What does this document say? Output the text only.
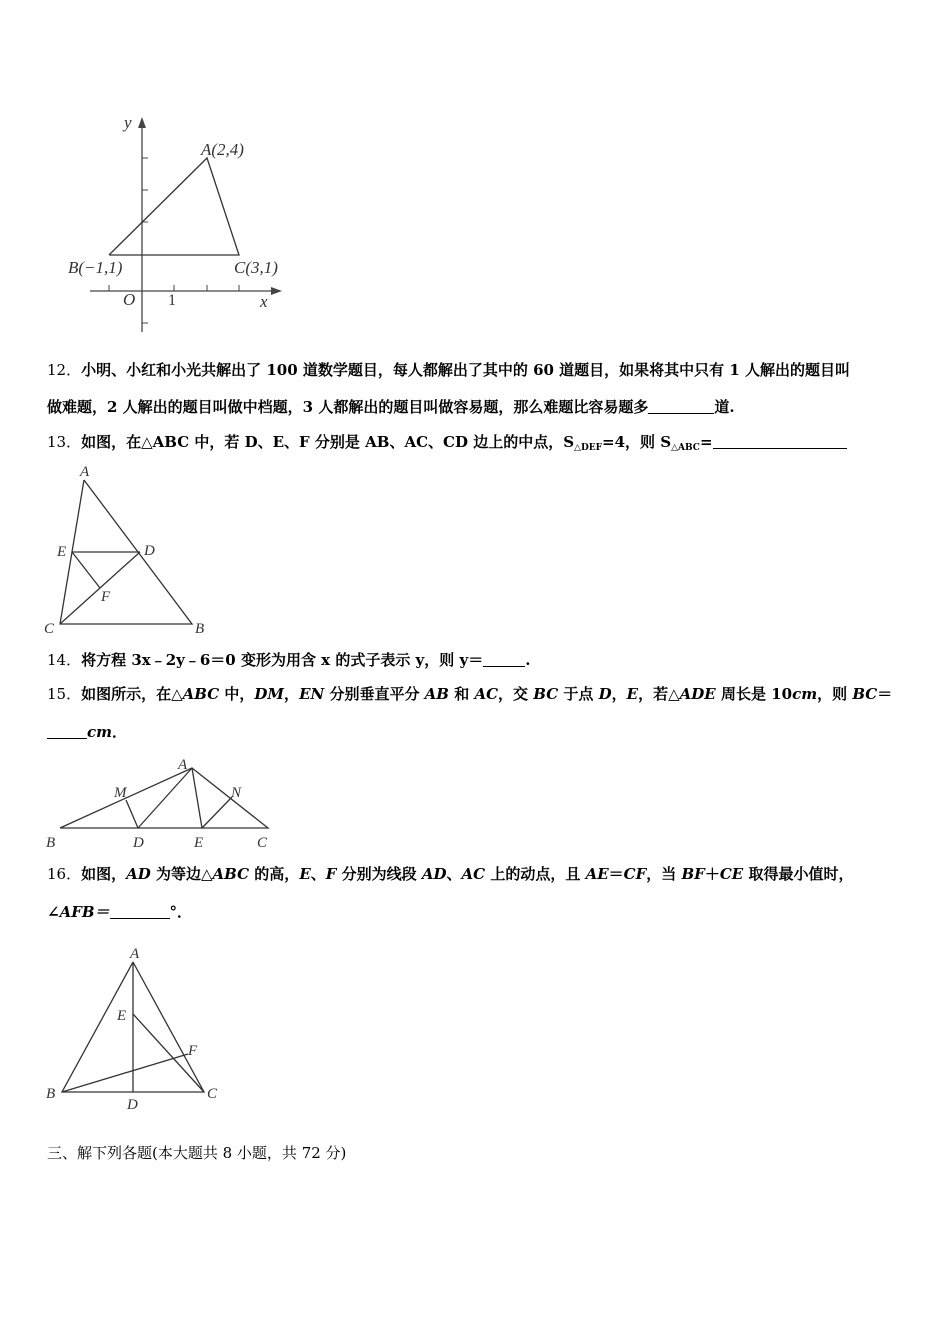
y
x
O 1
A(2,4)
B(−1,1)	C(3,1)
12．小明、小红和小光共解出了 100 道数学题目，每人都解出了其中的 60 道题目，如果将其中只有 1 人解出的题目叫
做难题，2 人解出的题目叫做中档题，3 人都解出的题目叫做容易题，那么难题比容易题多	道.
13．如图，在△ABC 中，若 D、E、F 分别是 AB、AC、CD 边上的中点，$S_{\triangle DEF}=4$，则 $S_{\triangle ABC}=$
A
B
C
D
E
F
14．将方程 3x﹣2y﹣6＝0 变形为用含 x 的式子表示 y，则 y＝	.
15．如图所示，在△ABC 中，DM，EN 分别垂直平分 AB 和 AC，交 BC 于点 D，E，若△ADE 周长是 10cm，则 BC＝
cm．
A
B	C
D	E
M	N
16．如图，AD 为等边△ABC 的高，E、F 分别为线段 AD、AC 上的动点，且 AE＝CF，当 BF＋CE 取得最小值时，
∠AFB＝	°．
A
B	C
D
E
F
三、解下列各题(本大题共 8 小题，共 72 分)
